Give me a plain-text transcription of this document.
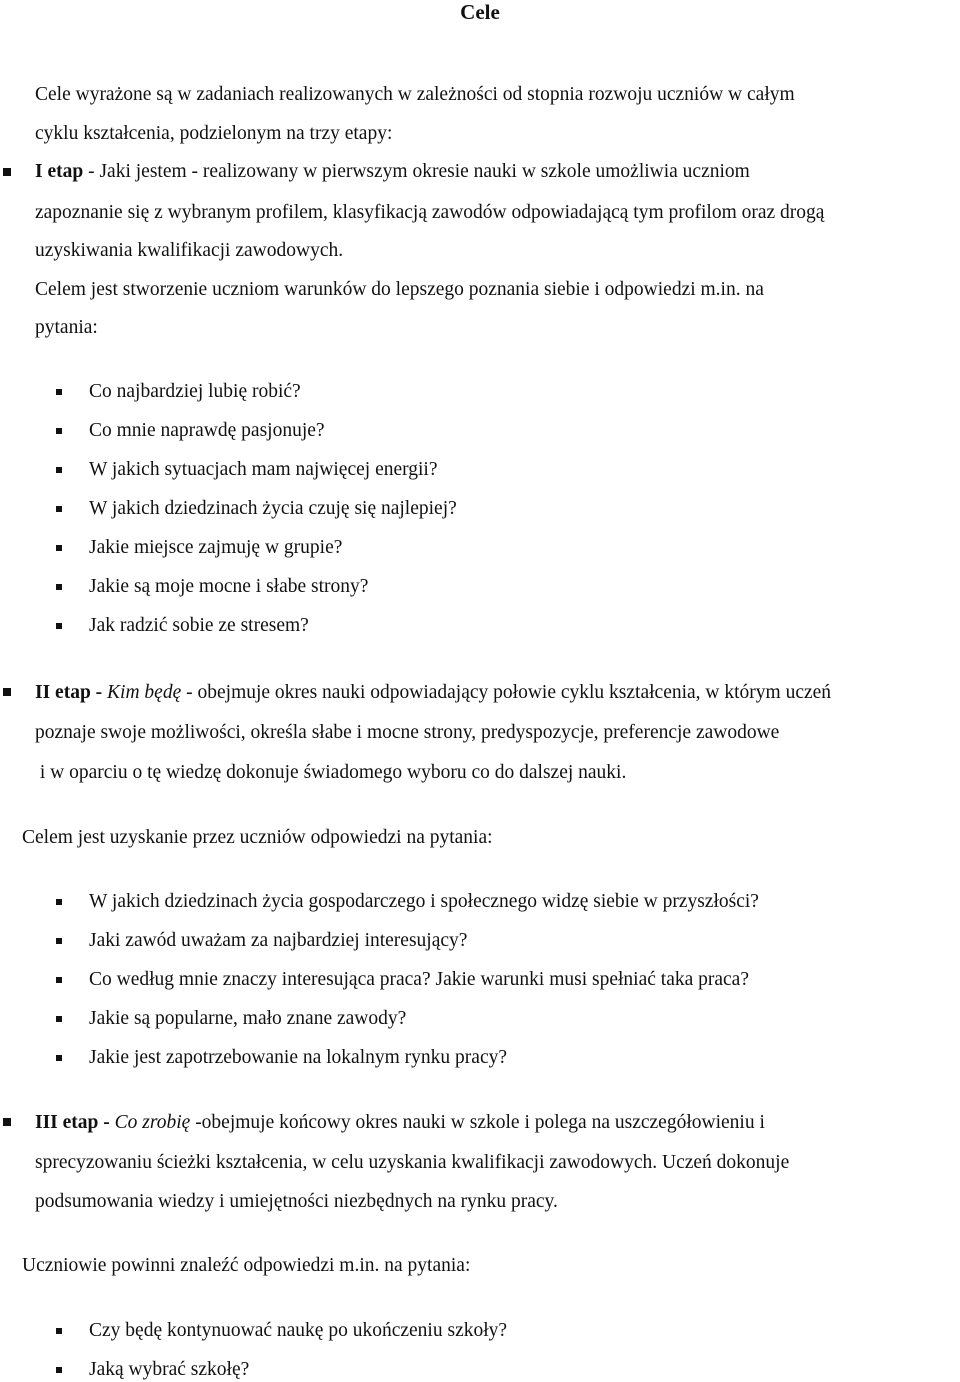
Cele
Cele wyrażone są w zadaniach realizowanych w zależności od stopnia rozwoju uczniów w całym
cyklu kształcenia, podzielonym na trzy etapy:
I etap - Jaki jestem - realizowany w pierwszym okresie nauki w szkole umożliwia uczniom
zapoznanie się z wybranym profilem, klasyfikacją zawodów odpowiadającą tym profilom oraz drogą
uzyskiwania kwalifikacji zawodowych.
Celem jest stworzenie uczniom warunków do lepszego poznania siebie i odpowiedzi m.in. na
pytania:
Co najbardziej lubię robić?
Co mnie naprawdę pasjonuje?
W jakich sytuacjach mam najwięcej energii?
W jakich dziedzinach życia czuję się najlepiej?
Jakie miejsce zajmuję w grupie?
Jakie są moje mocne i słabe strony?
Jak radzić sobie ze stresem?
II etap - Kim będę - obejmuje okres nauki odpowiadający połowie cyklu kształcenia, w którym uczeń
poznaje swoje możliwości, określa słabe i mocne strony, predyspozycje, preferencje zawodowe
i w oparciu o tę wiedzę dokonuje świadomego wyboru co do dalszej nauki.
Celem jest uzyskanie przez uczniów odpowiedzi na pytania:
W jakich dziedzinach życia gospodarczego i społecznego widzę siebie w przyszłości?
Jaki zawód uważam za najbardziej interesujący?
Co według mnie znaczy interesująca praca? Jakie warunki musi spełniać taka praca?
Jakie są popularne, mało znane zawody?
Jakie jest zapotrzebowanie na lokalnym rynku pracy?
III etap - Co zrobię -obejmuje końcowy okres nauki w szkole i polega na uszczegółowieniu i
sprecyzowaniu ścieżki kształcenia, w celu uzyskania kwalifikacji zawodowych. Uczeń dokonuje
podsumowania wiedzy i umiejętności niezbędnych na rynku pracy.
Uczniowie powinni znaleźć odpowiedzi m.in. na pytania:
Czy będę kontynuować naukę po ukończeniu szkoły?
Jaką wybrać szkołę?
